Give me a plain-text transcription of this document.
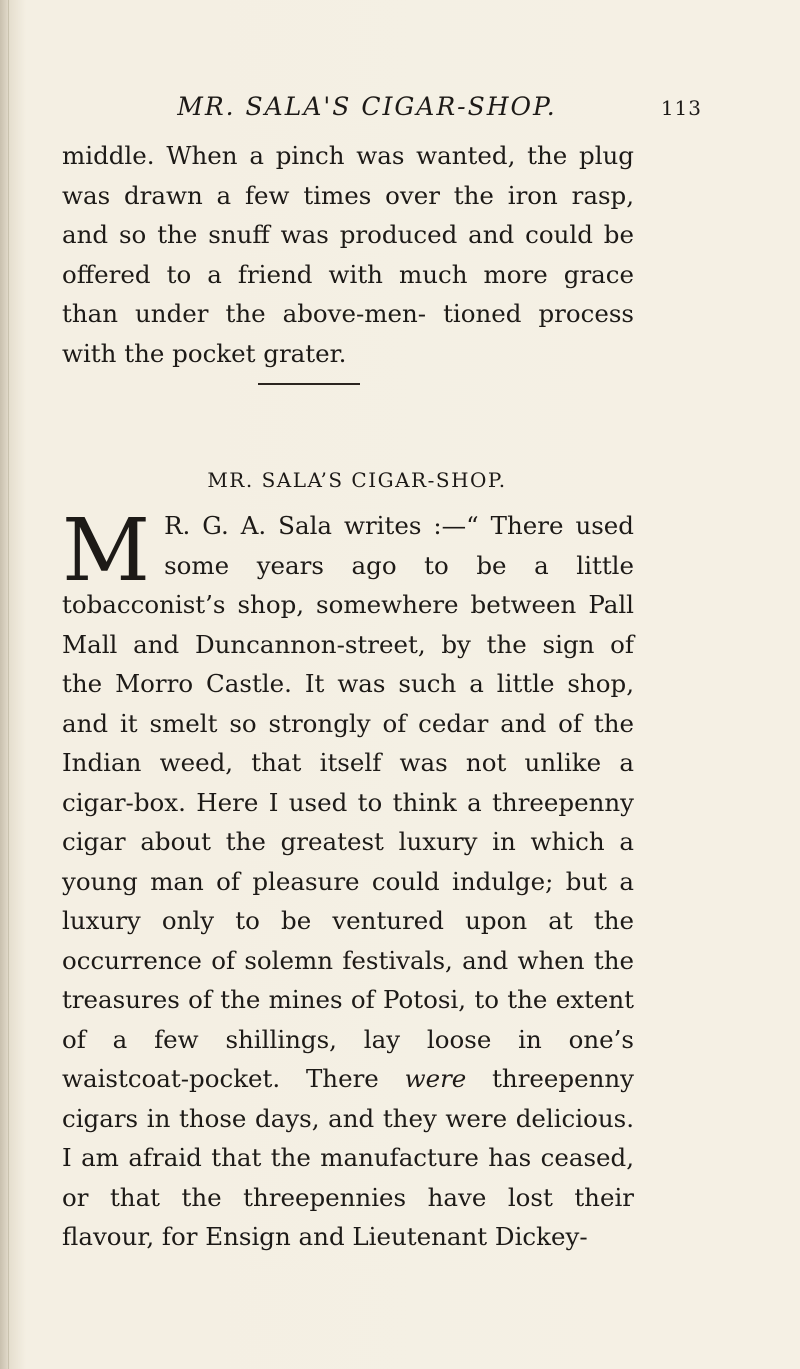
MR. SALA'S CIGAR-SHOP.	113

middle. When a pinch was wanted, the plug was drawn a few times over the iron rasp, and so the snuff was produced and could be offered to a friend with much more grace than under the above-men- tioned process with the pocket grater.

MR. SALA’S CIGAR-SHOP.

M R. G. A. Sala writes :—“ There used some years ago to be a little tobacconist’s shop, somewhere between Pall Mall and Duncannon-street, by the sign of the Morro Castle. It was such a little shop, and it smelt so strongly of cedar and of the Indian weed, that itself was not unlike a cigar-box. Here I used to think a threepenny cigar about the greatest luxury in which a young man of pleasure could indulge; but a luxury only to be ventured upon at the occurrence of solemn festivals, and when the treasures of the mines of Potosi, to the extent of a few shillings, lay loose in one’s waistcoat-pocket. There were threepenny cigars in those days, and they were delicious. I am afraid that the manufacture has ceased, or that the threepennies have lost their flavour, for Ensign and Lieutenant Dickey-
